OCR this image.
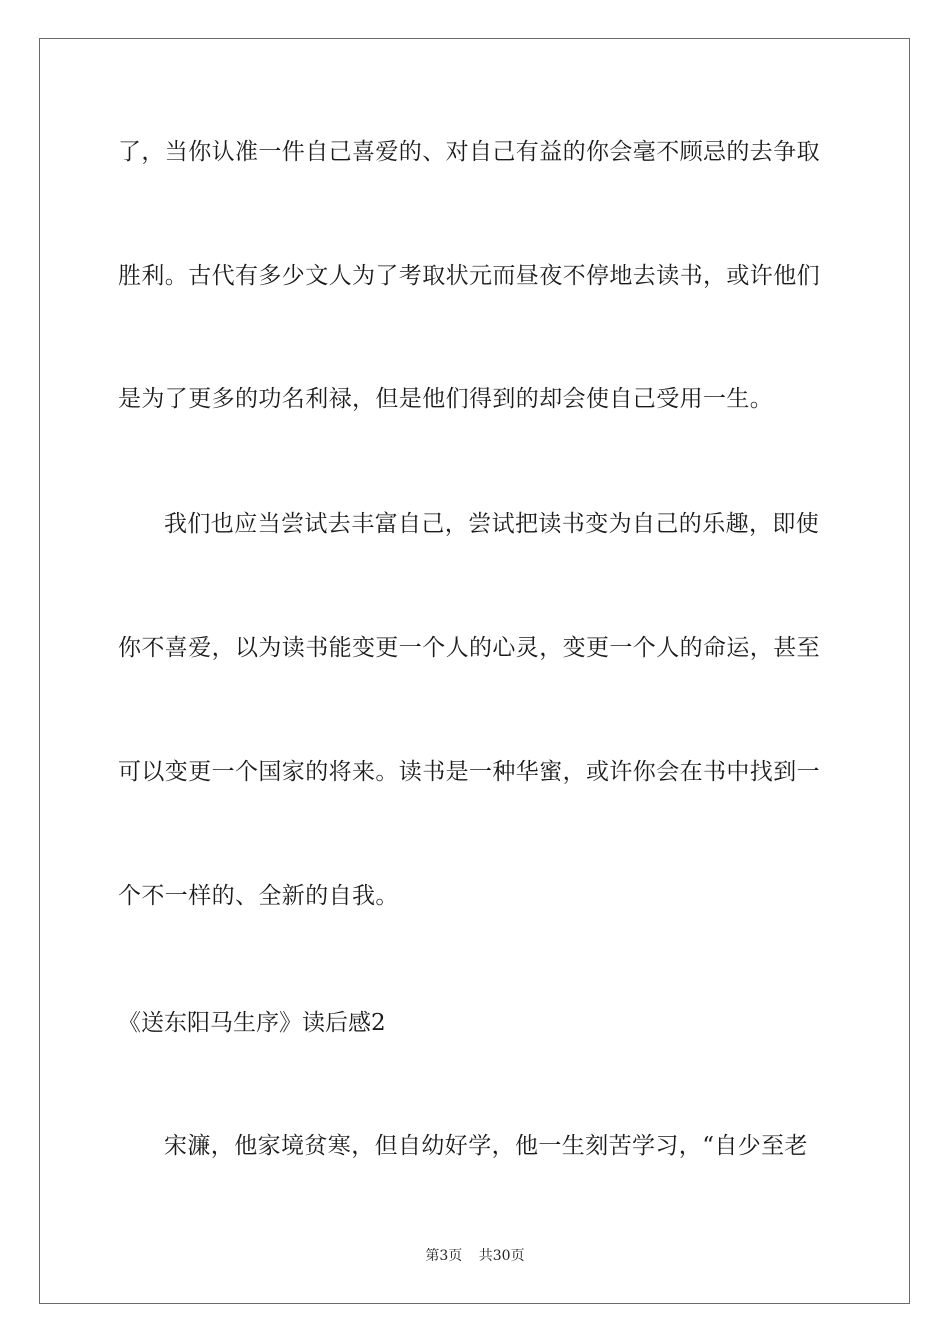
了，当你认准一件自己喜爱的、对自己有益的你会毫不顾忌的去争取
胜利。古代有多少文人为了考取状元而昼夜不停地去读书，或许他们
是为了更多的功名利禄，但是他们得到的却会使自己受用一生。
我们也应当尝试去丰富自己，尝试把读书变为自己的乐趣，即使
你不喜爱，以为读书能变更一个人的心灵，变更一个人的命运，甚至
可以变更一个国家的将来。读书是一种华蜜，或许你会在书中找到一
个不一样的、全新的自我。
《送东阳马生序》读后感2
宋濂，他家境贫寒，但自幼好学，他一生刻苦学习，“自少至老
第3页 共30页
